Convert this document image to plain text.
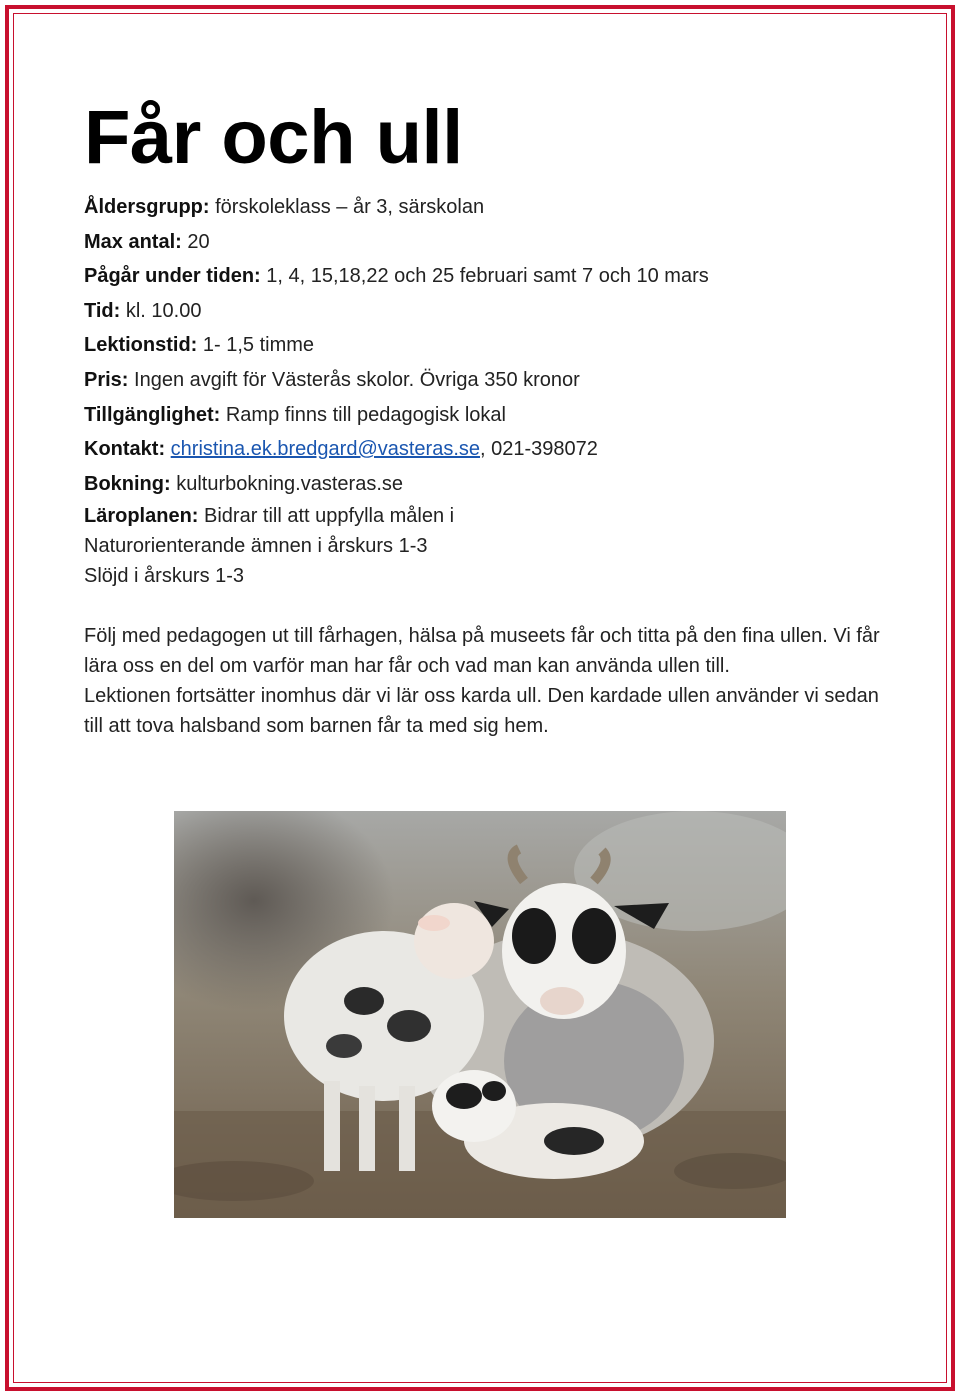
Får och ull
Åldersgrupp: förskoleklass – år 3, särskolan
Max antal: 20
Pågår under tiden: 1, 4, 15,18,22 och 25 februari samt 7 och 10 mars
Tid: kl. 10.00
Lektionstid: 1- 1,5 timme
Pris: Ingen avgift för Västerås skolor. Övriga 350 kronor
Tillgänglighet: Ramp finns till pedagogisk lokal
Kontakt: christina.ek.bredgard@vasteras.se, 021-398072
Bokning: kulturbokning.vasteras.se
Läroplanen: Bidrar till att uppfylla målen i
Naturorienterande ämnen i årskurs 1-3
Slöjd i årskurs 1-3

Följ med pedagogen ut till fårhagen, hälsa på museets får och titta på den fina ullen. Vi får lära oss en del om varför man har får och vad man kan använda ullen till.

Lektionen fortsätter inomhus där vi lär oss karda ull. Den kardade ullen använder vi sedan till att tova halsband som barnen får ta med sig hem.
